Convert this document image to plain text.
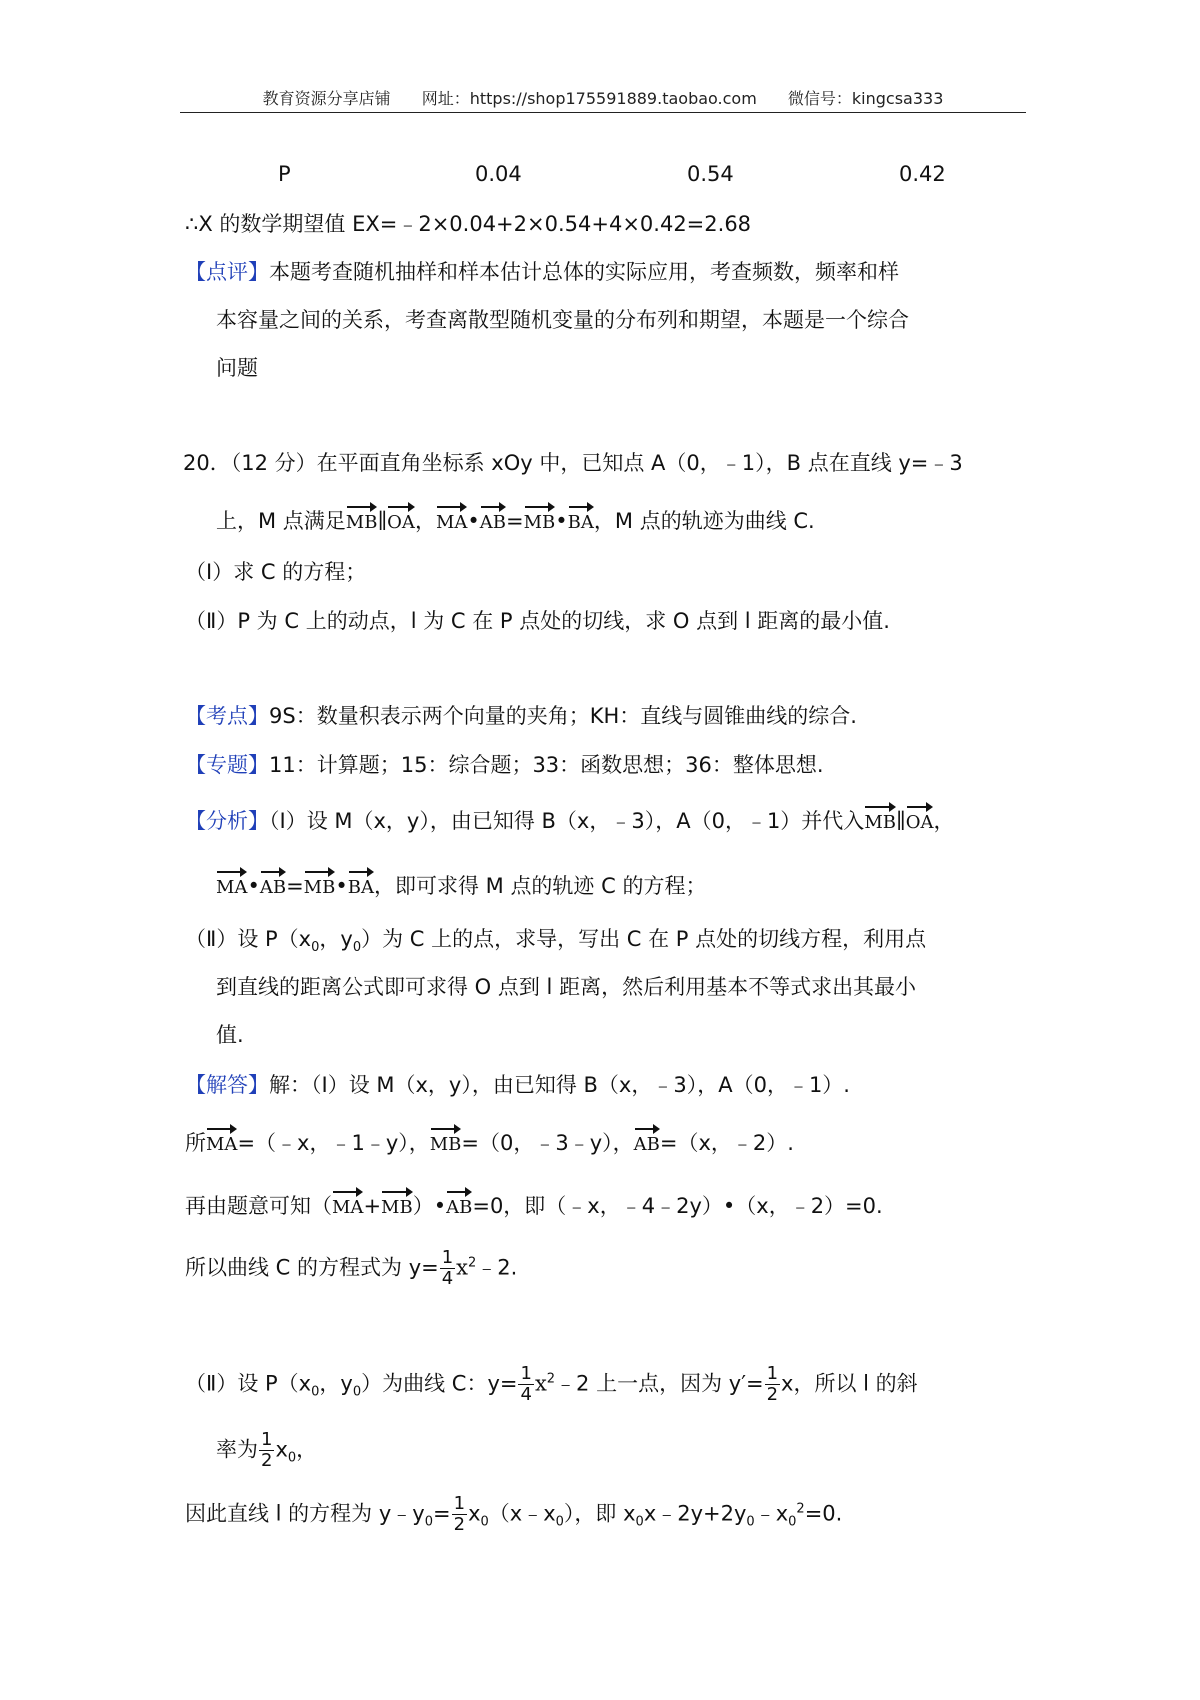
教育资源分享店铺 网址：https://shop175591889.taobao.com 微信号：kingcsa333
P	0.04	0.54	0.42
∴X 的数学期望值 EX=﹣2×0.04+2×0.54+4×0.42=2.68
【点评】本题考查随机抽样和样本估计总体的实际应用，考查频数，频率和样
本容量之间的关系，考查离散型随机变量的分布列和期望，本题是一个综合
问题
20．（12 分）在平面直角坐标系 xOy 中，已知点 A（0，﹣1），B 点在直线 y=﹣3
上，M 点满足MB∥OA，MA•AB=MB•BA，M 点的轨迹为曲线 C.
（Ⅰ）求 C 的方程；
（Ⅱ）P 为 C 上的动点，l 为 C 在 P 点处的切线，求 O 点到 l 距离的最小值.
【考点】9S：数量积表示两个向量的夹角；KH：直线与圆锥曲线的综合.
【专题】11：计算题；15：综合题；33：函数思想；36：整体思想.
【分析】（Ⅰ）设 M（x，y），由已知得 B（x，﹣3），A（0，﹣1）并代入MB∥OA，
MA•AB=MB•BA，即可求得 M 点的轨迹 C 的方程；
（Ⅱ）设 $P(x_0$，$y_0$）为 C 上的点，求导，写出 C 在 P 点处的切线方程，利用点
到直线的距离公式即可求得 O 点到 l 距离，然后利用基本不等式求出其最小
值.
【解答】解：（Ⅰ）设 M（x，y），由已知得 B（x，﹣3），A（0，﹣1）.
所MA=（﹣x，﹣1﹣y），MB=（0，﹣3﹣y），AB=（x，﹣2）.
再由题意可知（MA+MB）•AB=0，即（﹣x，﹣4﹣2y）•（x，﹣2）=0.
所以曲线 C 的方程式为 $y= \frac{1}{4}$ $x^2﹣2$.
（Ⅱ）设 $P(x_0$，$y_0$）为曲线 C：$y= \frac{1}{4}$ $x^2﹣2$ 上一点，因为 $y'= \frac{1}{2}$ x，所以 l 的斜
率为 $\frac{1}{2} x_0$，
因此直线 l 的方程为 $y﹣y_0= \frac{1}{2}$ $x_0(x﹣x_0)$，即 $x_0x﹣2y+2y_0﹣x_0^2=0$.
